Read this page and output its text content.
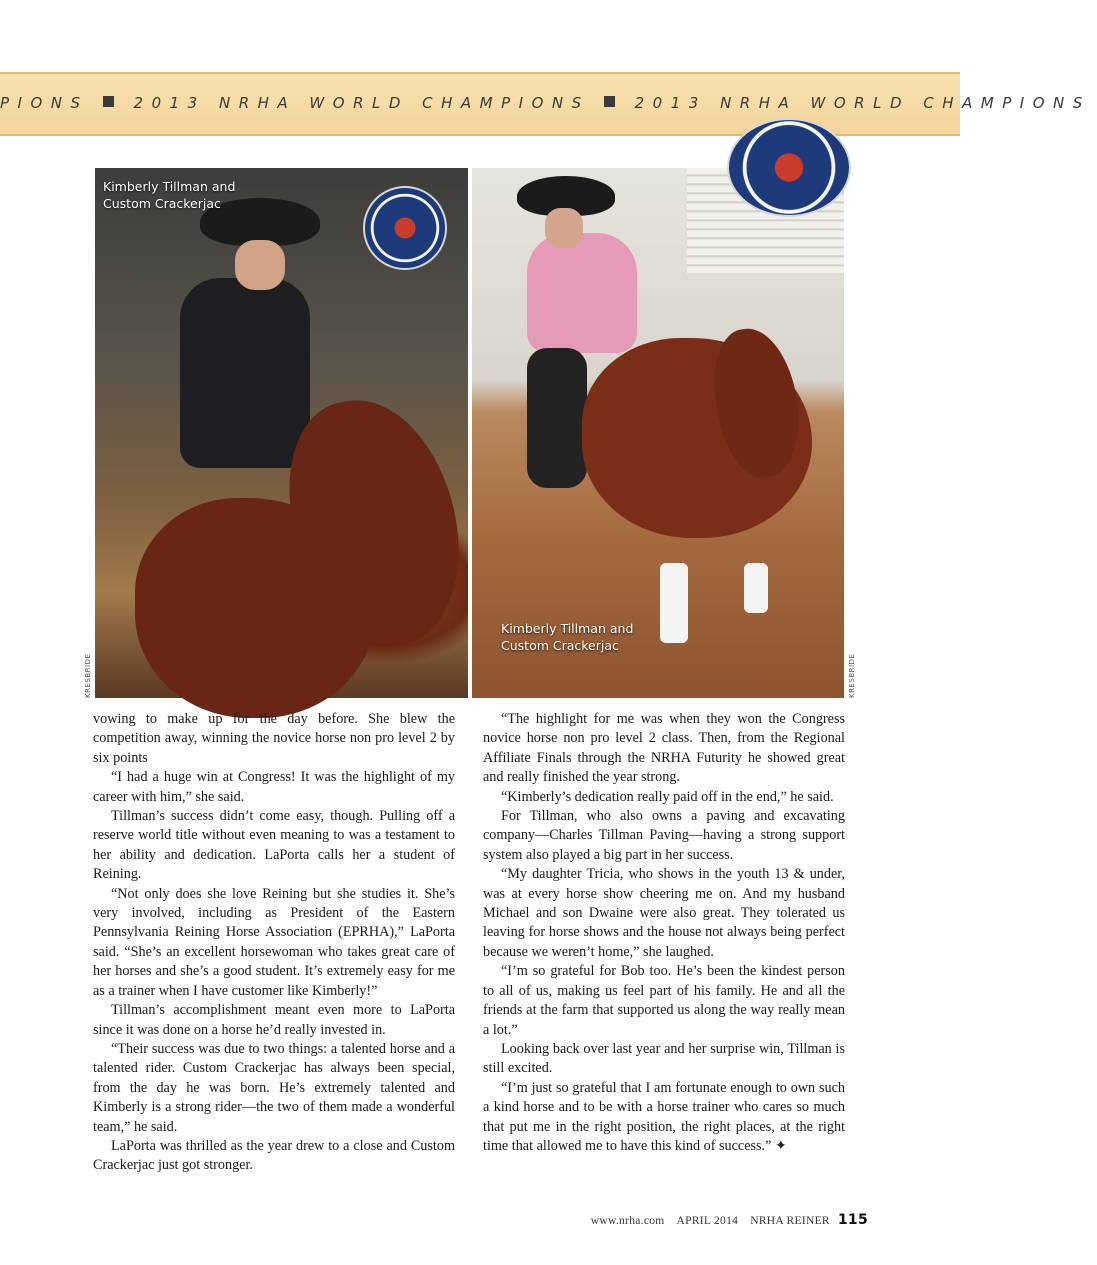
PIONS	2013 NRHA WORLD CHAMPIONS	2013 NRHA WORLD CHAMPIONS
Kimberly Tillman and
Custom Crackerjac
KRESBRIDE
Kimberly Tillman and
Custom Crackerjac
KRESBRIDE

vowing to make up for the day before. She blew the competition away, winning the novice horse non pro level 2 by six points

“I had a huge win at Congress! It was the highlight of my career with him,” she said.

Tillman’s success didn’t come easy, though. Pulling off a reserve world title without even meaning to was a testament to her ability and dedication. LaPorta calls her a student of Reining.

“Not only does she love Reining but she studies it. She’s very involved, including as President of the Eastern Pennsylvania Reining Horse Association (EPRHA),” LaPorta said. “She’s an excellent horsewoman who takes great care of her horses and she’s a good student. It’s extremely easy for me as a trainer when I have customer like Kimberly!”

Tillman’s accomplishment meant even more to LaPorta since it was done on a horse he’d really invested in.

“Their success was due to two things: a talented horse and a talented rider. Custom Crackerjac has always been special, from the day he was born. He’s extremely talented and Kimberly is a strong rider—the two of them made a wonderful team,” he said.

LaPorta was thrilled as the year drew to a close and Custom Crackerjac just got stronger.

“The highlight for me was when they won the Congress novice horse non pro level 2 class. Then, from the Regional Affiliate Finals through the NRHA Futurity he showed great and really finished the year strong.

“Kimberly’s dedication really paid off in the end,” he said.

For Tillman, who also owns a paving and excavating company—Charles Tillman Paving—having a strong support system also played a big part in her success.

“My daughter Tricia, who shows in the youth 13 & under, was at every horse show cheering me on. And my husband Michael and son Dwaine were also great. They tolerated us leaving for horse shows and the house not always being perfect because we weren’t home,” she laughed.

“I’m so grateful for Bob too. He’s been the kindest person to all of us, making us feel part of his family. He and all the friends at the farm that supported us along the way really mean a lot.”

Looking back over last year and her surprise win, Tillman is still excited.

“I’m just so grateful that I am fortunate enough to own such a kind horse and to be with a horse trainer who cares so much that put me in the right position, the right places, at the right time that allowed me to have this kind of success.” ✦

www.nrha.com APRIL 2014 NRHA REINER 115
